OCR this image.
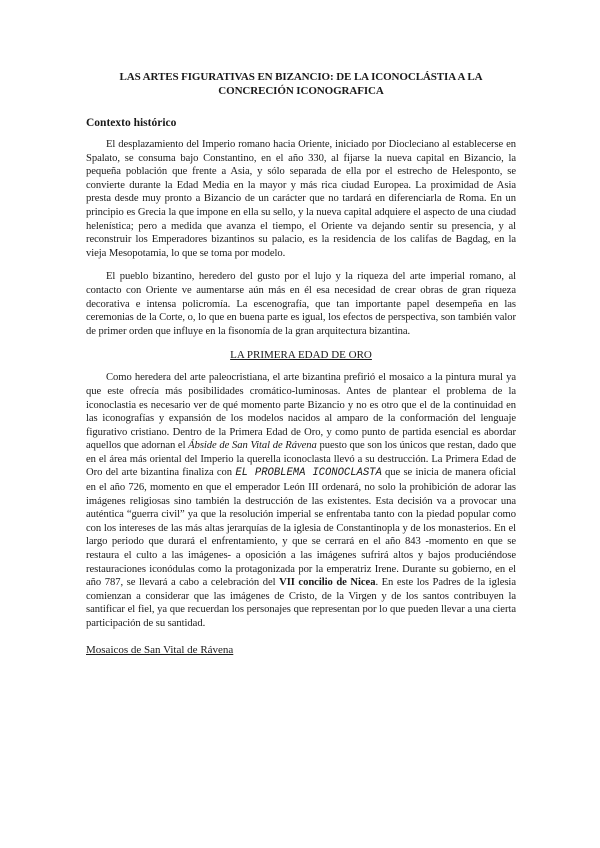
LAS ARTES FIGURATIVAS EN BIZANCIO: DE LA ICONOCLÁSTIA A LA CONCRECIÓN ICONOGRAFICA
Contexto histórico

El desplazamiento del Imperio romano hacia Oriente, iniciado por Diocleciano al establecerse en Spalato, se consuma bajo Constantino, en el año 330, al fijarse la nueva capital en Bizancio, la pequeña población que frente a Asia, y sólo separada de ella por el estrecho de Helesponto, se convierte durante la Edad Media en la mayor y más rica ciudad Europea. La proximidad de Asia presta desde muy pronto a Bizancio de un carácter que no tardará en diferenciarla de Roma. En un principio es Grecia la que impone en ella su sello, y la nueva capital adquiere el aspecto de una ciudad helenística; pero a medida que avanza el tiempo, el Oriente va dejando sentir su presencia, y al reconstruir los Emperadores bizantinos su palacio, es la residencia de los califas de Bagdag, en la vieja Mesopotamia, lo que se toma por modelo.

El pueblo bizantino, heredero del gusto por el lujo y la riqueza del arte imperial romano, al contacto con Oriente ve aumentarse aún más en él esa necesidad de crear obras de gran riqueza decorativa e intensa policromía. La escenografía, que tan importante papel desempeña en las ceremonias de la Corte, o, lo que en buena parte es igual, los efectos de perspectiva, son también valor de primer orden que influye en la fisonomía de la gran arquitectura bizantina.

LA PRIMERA EDAD DE ORO

Como heredera del arte paleocristiana, el arte bizantina prefirió el mosaico a la pintura mural ya que este ofrecía más posibilidades cromático-luminosas. Antes de plantear el problema de la iconoclastia es necesario ver de qué momento parte Bizancio y no es otro que el de la continuidad en las iconografías y expansión de los modelos nacidos al amparo de la conformación del lenguaje figurativo cristiano. Dentro de la Primera Edad de Oro, y como punto de partida esencial es abordar aquellos que adornan el Ábside de San Vital de Rávena puesto que son los únicos que restan, dado que en el área más oriental del Imperio la querella iconoclasta llevó a su destrucción. La Primera Edad de Oro del arte bizantina finaliza con EL PROBLEMA ICONOCLASTA que se inicia de manera oficial en el año 726, momento en que el emperador León III ordenará, no solo la prohibición de adorar las imágenes religiosas sino también la destrucción de las existentes. Esta decisión va a provocar una auténtica “guerra civil” ya que la resolución imperial se enfrentaba tanto con la piedad popular como con los intereses de las más altas jerarquías de la iglesia de Constantinopla y de los monasterios. En el largo periodo que durará el enfrentamiento, y que se cerrará en el año 843 -momento en que se restaura el culto a las imágenes- a oposición a las imágenes sufrirá altos y bajos produciéndose restauraciones iconódulas como la protagonizada por la emperatriz Irene. Durante su gobierno, en el año 787, se llevará a cabo a celebración del VII concilio de Nicea. En este los Padres de la iglesia comienzan a considerar que las imágenes de Cristo, de la Virgen y de los santos contribuyen la santificar el fiel, ya que recuerdan los personajes que representan por lo que pueden llevar a una cierta participación de su santidad.

Mosaicos de San Vital de Rávena
